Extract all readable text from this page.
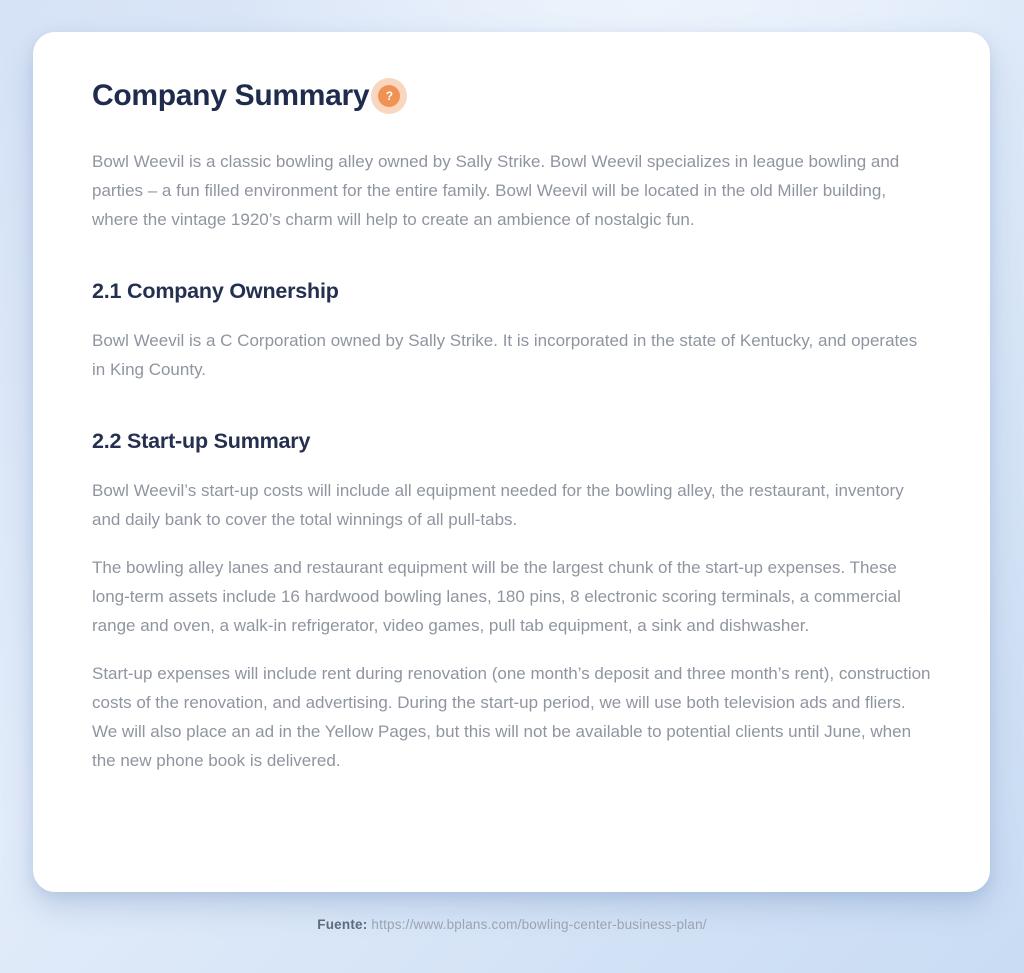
Company Summary	?

Bowl Weevil is a classic bowling alley owned by Sally Strike. Bowl Weevil specializes in league bowling and parties – a fun filled environment for the entire family. Bowl Weevil will be located in the old Miller building, where the vintage 1920’s charm will help to create an ambience of nostalgic fun.

2.1 Company Ownership

Bowl Weevil is a C Corporation owned by Sally Strike. It is incorporated in the state of Kentucky, and operates in King County.

2.2 Start-up Summary

Bowl Weevil’s start-up costs will include all equipment needed for the bowling alley, the restaurant, inventory and daily bank to cover the total winnings of all pull-tabs.

The bowling alley lanes and restaurant equipment will be the largest chunk of the start-up expenses. These long-term assets include 16 hardwood bowling lanes, 180 pins, 8 electronic scoring terminals, a commercial range and oven, a walk-in refrigerator, video games, pull tab equipment, a sink and dishwasher.

Start-up expenses will include rent during renovation (one month’s deposit and three month’s rent), construction costs of the renovation, and advertising. During the start-up period, we will use both television ads and fliers. We will also place an ad in the Yellow Pages, but this will not be available to potential clients until June, when the new phone book is delivered.

Fuente: https://www.bplans.com/bowling-center-business-plan/
